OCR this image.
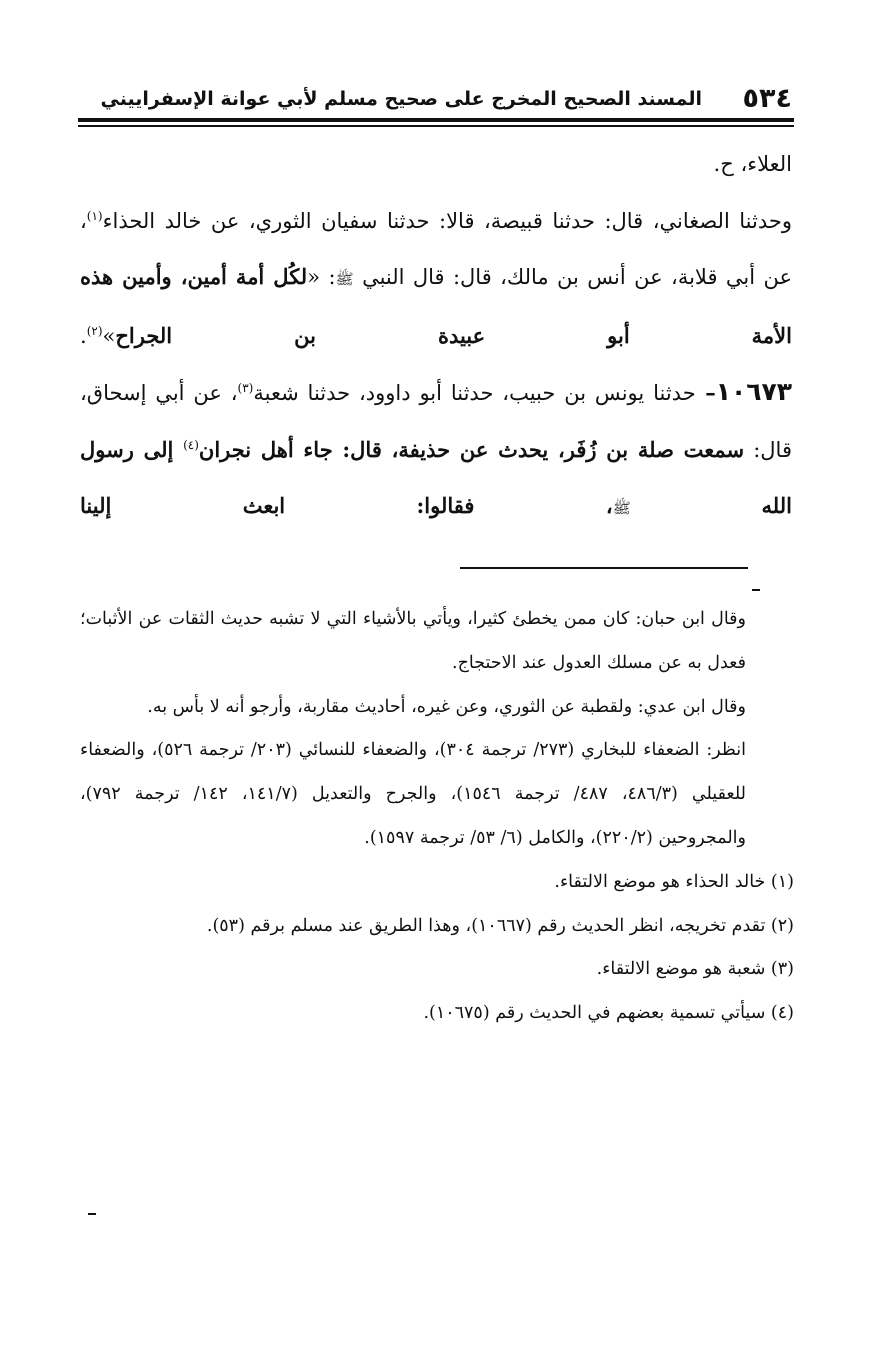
٥٣٤
المسند الصحيح المخرج على صحيح مسلم لأبي عوانة الإسفراييني

العلاء، ح.

وحدثنا الصغاني، قال: حدثنا قبيصة، قالا: حدثنا سفيان الثوري، عن خالد الحذاء$^{(١)}$، عن أبي قلابة، عن أنس بن مالك، قال: قال النبي ﷺ: «لكُل أمة أمين، وأمين هذه الأمة أبو عبيدة بن الجراح»$^{(٢)}$.

١٠٦٧٣– حدثنا يونس بن حبيب، حدثنا أبو داوود، حدثنا شعبة$^{(٣)}$، عن أبي إسحاق، قال: سمعت صلة بن زُفَر، يحدث عن حذيفة، قال: جاء أهل نجران$^{(٤)}$ إلى رسول الله ﷺ، فقالوا: ابعث إلينا

وقال ابن حبان: كان ممن يخطئ كثيرا، ويأتي بالأشياء التي لا تشبه حديث الثقات عن الأثبات؛ فعدل به عن مسلك العدول عند الاحتجاج.

وقال ابن عدي: ولقطبة عن الثوري، وعن غيره، أحاديث مقاربة، وأرجو أنه لا بأس به.

انظر: الضعفاء للبخاري (٢٧٣/ ترجمة ٣٠٤)، والضعفاء للنسائي (٢٠٣/ ترجمة ٥٢٦)، والضعفاء للعقيلي (٤٨٦/٣، ٤٨٧/ ترجمة ١٥٤٦)، والجرح والتعديل (١٤١/٧، ١٤٢/ ترجمة ٧٩٢)، والمجروحين (٢٢٠/٢)، والكامل (٦/ ٥٣/ ترجمة ١٥٩٧).

(١) خالد الحذاء هو موضع الالتقاء.

(٢) تقدم تخريجه، انظر الحديث رقم (١٠٦٦٧)، وهذا الطريق عند مسلم برقم (٥٣).

(٣) شعبة هو موضع الالتقاء.

(٤) سيأتي تسمية بعضهم في الحديث رقم (١٠٦٧٥).
